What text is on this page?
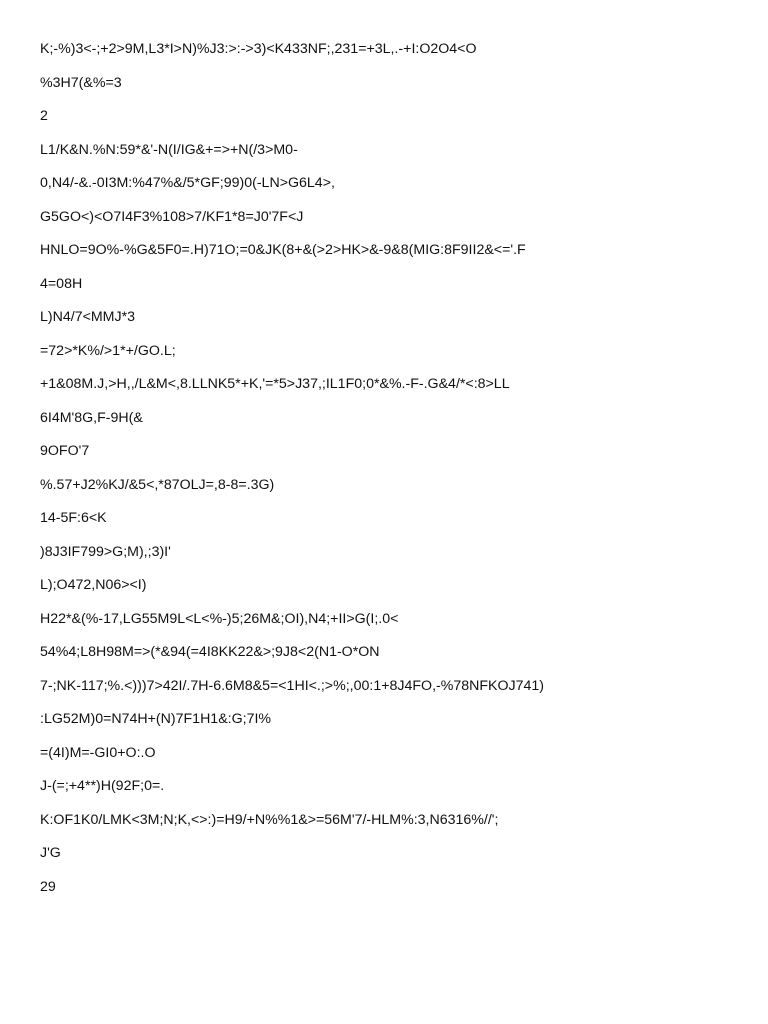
K;-%)3<-;+2>9M,L3*I>N)%J3:>:->3)<K433NF;,231=+3L,.-+I:O2O4<O
%3H7(&%=3
2
L1/K&N.%N:59*&'-N(I/IG&+=>+N(/3>M0-
0,N4/-&.-0I3M:%47%&/5*GF;99)0(-LN>G6L4>,
G5GO<)<O7I4F3%108>7/KF1*8=J0'7F<J
HNLO=9O%-%G&5F0=.H)71O;=0&JK(8+&(>2>HK>&-9&8(MIG:8F9II2&<='.F
4=08H
L)N4/7<MMJ*3
=72>*K%/>1*+/GO.L;
+1&08M.J,>H,,/L&M<,8.LLNK5*+K,'=*5>J37,;IL1F0;0*&%.-F-.G&4/*<:8>LL
6I4M'8G,F-9H(&
9OFO'7
%.57+J2%KJ/&5<,*87OLJ=,8-8=.3G)
14-5F:6<K
)8J3IF799>G;M),;3)I'
L);O472,N06><I)
H22*&(%-17,LG55M9L<L<%-)5;26M&;OI),N4;+II>G(I;.0<
54%4;L8H98M=>(*&94(=4I8KK22&>;9J8<2(N1-O*ON
7-;NK-117;%.<)))7>42I/.7H-6.6M8&5=<1HI<.;>%;,00:1+8J4FO,-%78NFKOJ741)
:LG52M)0=N74H+(N)7F1H1&:G;7I%
=(4I)M=-GI0+O:.O
J-(=;+4**)H(92F;0=.
K:OF1K0/LMK<3M;N;K,<>:)=H9/+N%%1&>=56M'7/-HLM%:3,N6316%//';
J'G
29
